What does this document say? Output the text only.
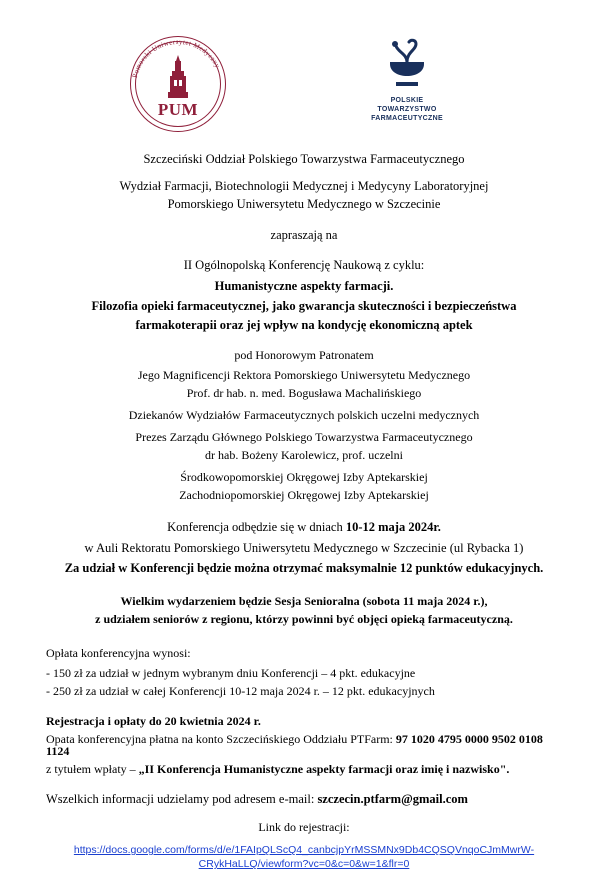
Pomorski Uniwersytet Medyczny
PUM	POLSKIE
TOWARZYSTWO
FARMACEUTYCZNE

Szczeciński Oddział Polskiego Towarzystwa Farmaceutycznego

Wydział Farmacji, Biotechnologii Medycznej i Medycyny Laboratoryjnej

Pomorskiego Uniwersytetu Medycznego w Szczecinie

zapraszają na

II Ogólnopolską Konferencję Naukową z cyklu:

Humanistyczne aspekty farmacji.

Filozofia opieki farmaceutycznej, jako gwarancja skuteczności i bezpieczeństwa

farmakoterapii oraz jej wpływ na kondycję ekonomiczną aptek

pod Honorowym Patronatem

Jego Magnificencji Rektora Pomorskiego Uniwersytetu Medycznego

Prof. dr hab. n. med. Bogusława Machalińskiego

Dziekanów Wydziałów Farmaceutycznych polskich uczelni medycznych

Prezes Zarządu Głównego Polskiego Towarzystwa Farmaceutycznego

dr hab. Bożeny Karolewicz, prof. uczelni

Środkowopomorskiej Okręgowej Izby Aptekarskiej

Zachodniopomorskiej Okręgowej Izby Aptekarskiej

Konferencja odbędzie się w dniach 10-12 maja 2024r.

w Auli Rektoratu Pomorskiego Uniwersytetu Medycznego w Szczecinie (ul Rybacka 1)

Za udział w Konferencji będzie można otrzymać maksymalnie 12 punktów edukacyjnych.

Wielkim wydarzeniem będzie Sesja Senioralna (sobota 11 maja 2024 r.),

z udziałem seniorów z regionu, którzy powinni być objęci opieką farmaceutyczną.

Opłata konferencyjna wynosi:

- 150 zł za udział w jednym wybranym dniu Konferencji – 4 pkt. edukacyjne

- 250 zł za udział w całej Konferencji 10-12 maja 2024 r. – 12 pkt. edukacyjnych

Rejestracja i opłaty do 20 kwietnia 2024 r.

Opata konferencyjna płatna na konto Szczecińskiego Oddziału PTFarm: 97 1020 4795 0000 9502 0108 1124

z tytułem wpłaty – „II Konferencja Humanistyczne aspekty farmacji oraz imię i nazwisko".

Wszelkich informacji udzielamy pod adresem e-mail: szczecin.ptfarm@gmail.com

Link do rejestracji:

https://docs.google.com/forms/d/e/1FAIpQLScQ4_canbcjpYrMSSMNx9Db4CQSQVnqoCJmMwrW-
CRykHaLLQ/viewform?vc=0&c=0&w=1&flr=0
